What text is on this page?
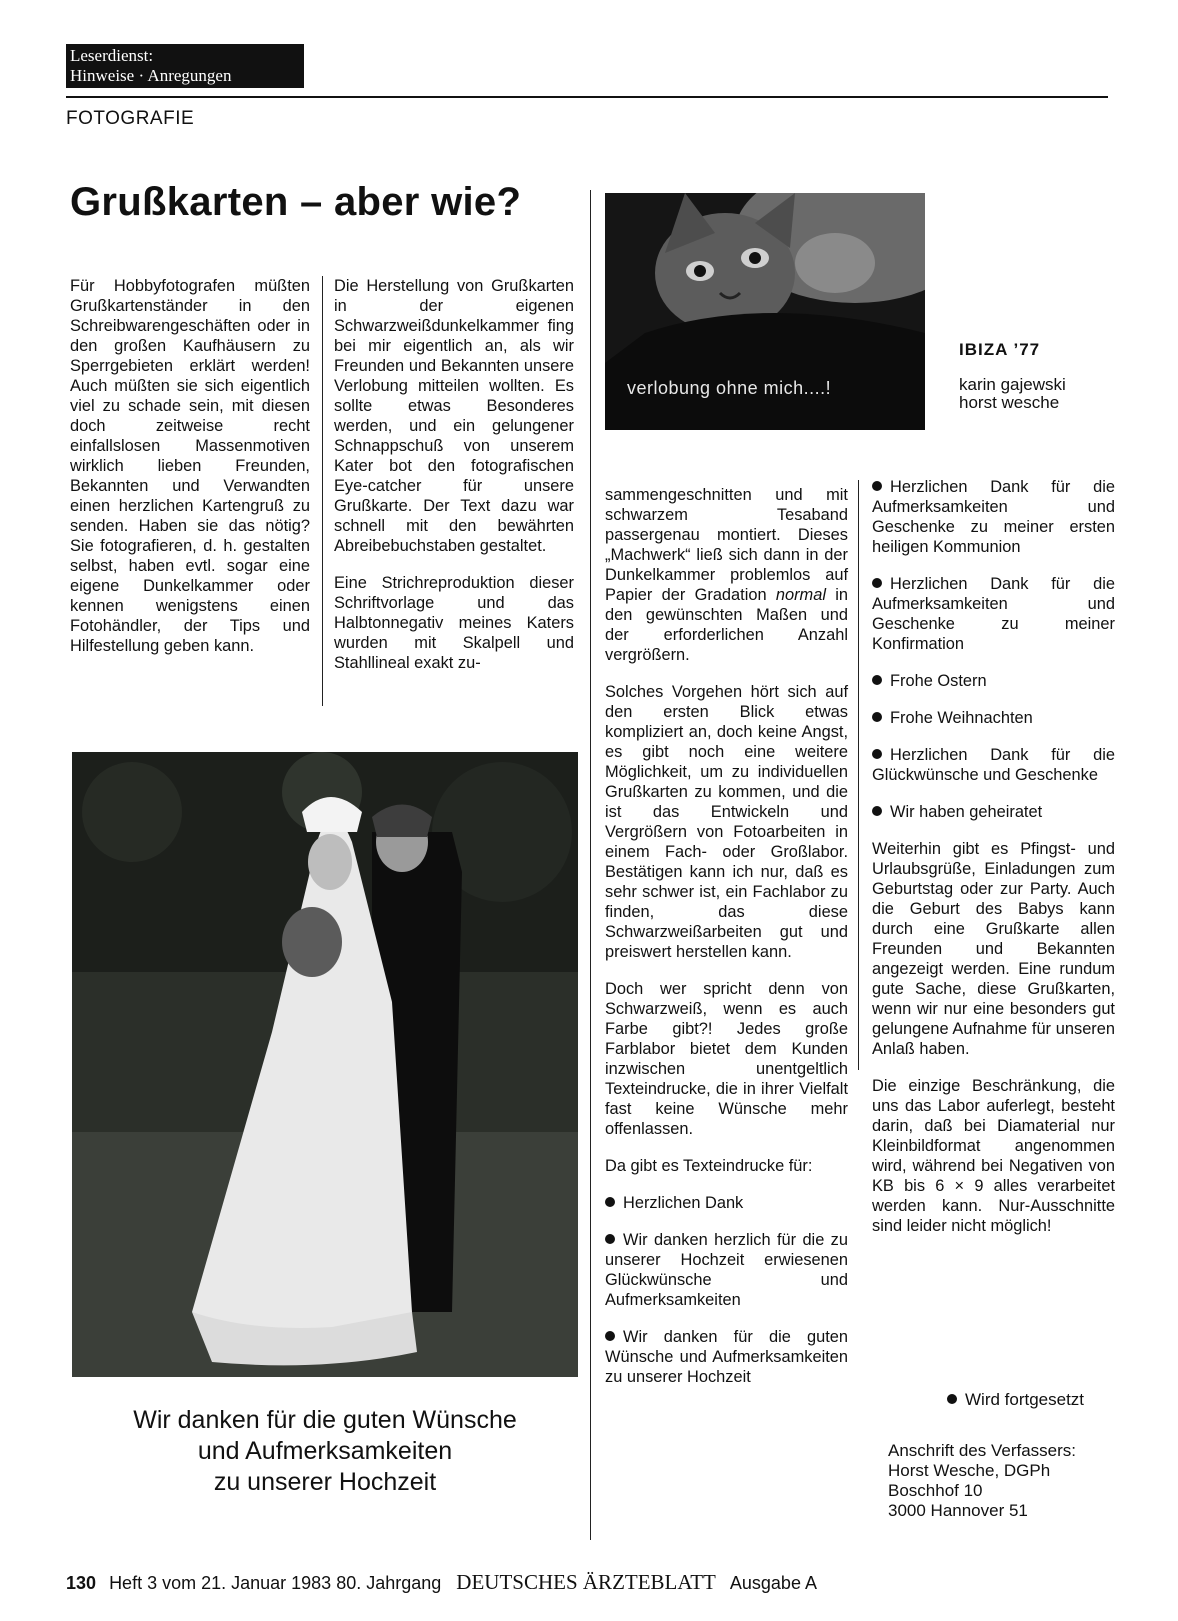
Leserdienst:
Hinweise · Anregungen
FOTOGRAFIE
Grußkarten – aber wie?

Für Hobbyfotografen müßten Grußkartenständer in den Schreibwarengeschäften oder in den großen Kaufhäusern zu Sperrgebieten erklärt werden! Auch müßten sie sich eigentlich viel zu schade sein, mit diesen doch zeitweise recht einfallslosen Massenmotiven wirklich lieben Freunden, Bekannten und Verwandten einen herzlichen Kartengruß zu senden. Haben sie das nötig? Sie fotografieren, d. h. gestalten selbst, haben evtl. sogar eine eigene Dunkelkammer oder kennen wenigstens einen Fotohändler, der Tips und Hilfestellung geben kann.

Die Herstellung von Grußkarten in der eigenen Schwarzweißdunkelkammer fing bei mir eigentlich an, als wir Freunden und Bekannten unsere Verlobung mitteilen wollten. Es sollte etwas Besonderes werden, und ein gelungener Schnappschuß von unserem Kater bot den fotografischen Eye-catcher für unsere Grußkarte. Der Text dazu war schnell mit den bewährten Abreibebuchstaben gestaltet.

Eine Strichreproduktion dieser Schriftvorlage und das Halbtonnegativ meines Katers wurden mit Skalpell und Stahllineal exakt zu-

verlobung ohne mich....!
IBIZA ’77
karin gajewski
horst wesche

sammengeschnitten und mit schwarzem Tesaband passergenau montiert. Dieses „Machwerk“ ließ sich dann in der Dunkelkammer problemlos auf Papier der Gradation normal in den gewünschten Maßen und der erforderlichen Anzahl vergrößern.

Solches Vorgehen hört sich auf den ersten Blick etwas kompliziert an, doch keine Angst, es gibt noch eine weitere Möglichkeit, um zu individuellen Grußkarten zu kommen, und die ist das Entwickeln und Vergrößern von Fotoarbeiten in einem Fach- oder Großlabor. Bestätigen kann ich nur, daß es sehr schwer ist, ein Fachlabor zu finden, das diese Schwarzweißarbeiten gut und preiswert herstellen kann.

Doch wer spricht denn von Schwarzweiß, wenn es auch Farbe gibt?! Jedes große Farblabor bietet dem Kunden inzwischen unentgeltlich Texteindrucke, die in ihrer Vielfalt fast keine Wünsche mehr offenlassen.

Da gibt es Texteindrucke für:

Herzlichen Dank

Wir danken herzlich für die zu unserer Hochzeit erwiesenen Glückwünsche und Aufmerksamkeiten

Wir danken für die guten Wünsche und Aufmerksamkeiten zu unserer Hochzeit

Herzlichen Dank für die Aufmerksamkeiten und Geschenke zu meiner ersten heiligen Kommunion

Herzlichen Dank für die Aufmerksamkeiten und Geschenke zu meiner Konfirmation

Frohe Ostern

Frohe Weihnachten

Herzlichen Dank für die Glückwünsche und Geschenke

Wir haben geheiratet

Weiterhin gibt es Pfingst- und Urlaubsgrüße, Einladungen zum Geburtstag oder zur Party. Auch die Geburt des Babys kann durch eine Grußkarte allen Freunden und Bekannten angezeigt werden. Eine rundum gute Sache, diese Grußkarten, wenn wir nur eine besonders gut gelungene Aufnahme für unseren Anlaß haben.

Die einzige Beschränkung, die uns das Labor auferlegt, besteht darin, daß bei Diamaterial nur Kleinbildformat angenommen wird, während bei Negativen von KB bis 6 × 9 alles verarbeitet werden kann. Nur-Ausschnitte sind leider nicht möglich!

Wird fortgesetzt
Anschrift des Verfassers:
Horst Wesche, DGPh
Boschhof 10
3000 Hannover 51
Wir danken für die guten Wünsche
und Aufmerksamkeiten
zu unserer Hochzeit
130 Heft 3 vom 21. Januar 1983 80. Jahrgang DEUTSCHES ÄRZTEBLATT Ausgabe A
